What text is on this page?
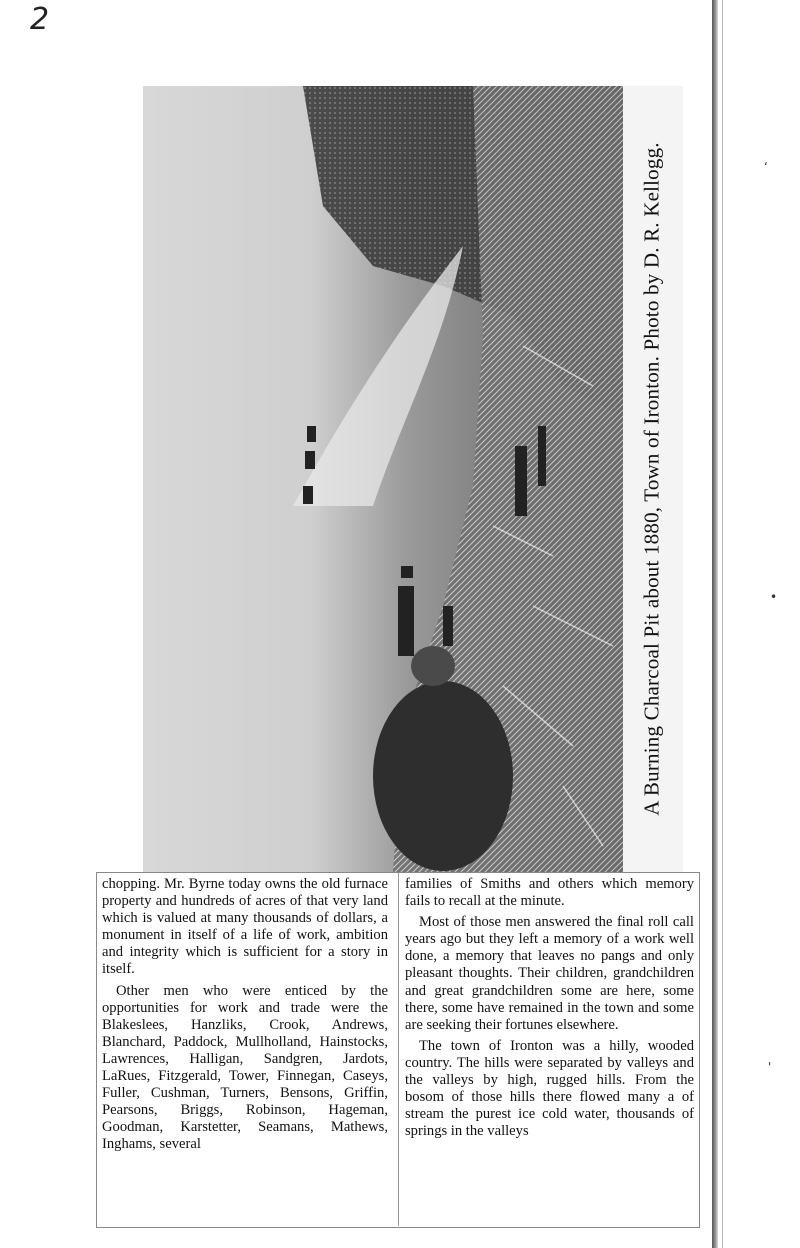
2
ʻ
•
'
A Burning Charcoal Pit about 1880, Town of Ironton. Photo by D. R. Kellogg.

chopping. Mr. Byrne today owns the old furnace property and hundreds of acres of that very land which is valued at many thousands of dollars, a monument in itself of a life of work, ambition and integrity which is sufficient for a story in itself.

Other men who were enticed by the opportunities for work and trade were the Blakeslees, Hanzliks, Crook, Andrews, Blanchard, Paddock, Mullholland, Hainstocks, Lawrences, Halligan, Sandgren, Jardots, LaRues, Fitzgerald, Tower, Finnegan, Caseys, Fuller, Cushman, Turners, Bensons, Griffin, Pearsons, Briggs, Robinson, Hageman, Goodman, Karstetter, Seamans, Mathews, Inghams, several

families of Smiths and others which memory fails to recall at the minute.

Most of those men answered the final roll call years ago but they left a memory of a work well done, a memory that leaves no pangs and only pleasant thoughts. Their children, grandchildren and great grandchildren some are here, some there, some have remained in the town and some are seeking their fortunes elsewhere.

The town of Ironton was a hilly, wooded country. The hills were separated by valleys and the valleys by high, rugged hills. From the bosom of those hills there flowed many a of stream the purest ice cold water, thousands of springs in the valleys
